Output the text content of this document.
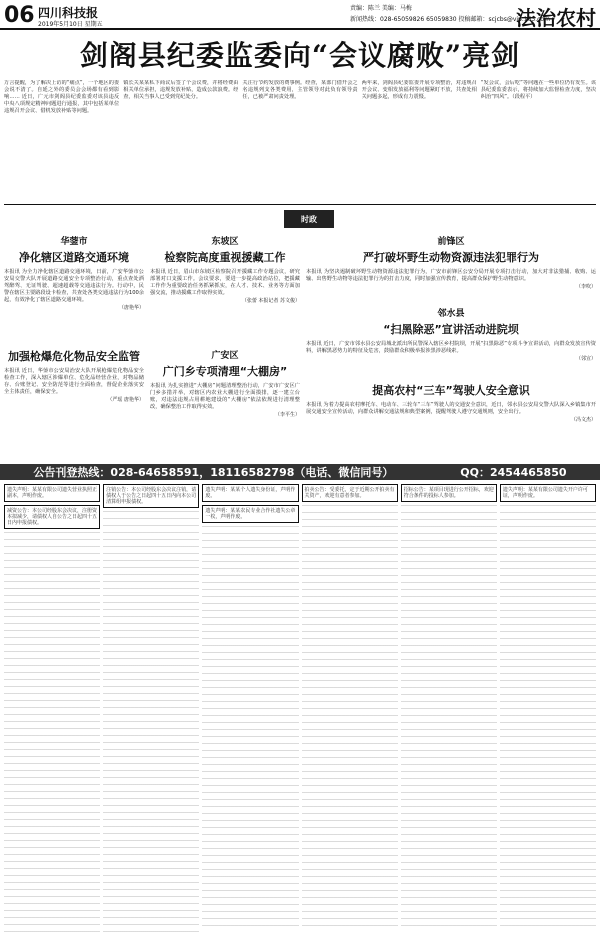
06 四川科技报
2019年5月10日 星期五
责编：陈兰 美编：马梅
新闻热线：028-65059826 65059830 投稿邮箱：scjcbs@vip.163.com
法治农村
剑阁县纪委监委向“会议腐败”亮剑
万言提醒，为了解决上访的“痛点”，一个地区的委会说不清了。自延之外的委员会会场都有看到影响…… 近日，广元市剑阁县纪委监委对该县违反中央八项规定精神问题进行通报，其中包括某单位违规召开会议、借机发放补贴等问题。
镇长关某某私下商议后签了个会议费，并将经费由相关单位承担，违规发放补贴，造成公款浪费。经查，相关当事人已受到党纪处分。
关注行节约发放的费事例。经查，某部门借开会之名违规列支各类费用，主管领导对此负有领导责任，已被严肃问责处理。
两年来，剑阁县纪委监委开展专项整治，对违规召开会议、变相发放福利等问题紧盯不放，共查处相关问题多起，形成有力震慑。
“发会议，会后吃”等问题在一些单位仍有发生。该县纪委监委表示，将持续加大监督检查力度，坚决纠治“四风”。（段程平）
时政
华蓥市
净化辖区道路交通环境
本报讯 为全力净化辖区道路交通环境，日前，广安华蓥市公安局交警大队开展道路交通安全专项整治行动，重点查处酒驾醉驾、无证驾驶、超速超载等交通违法行为。行动中，民警在辖区主要路段设卡检查，共查处各类交通违法行为100余起，有效净化了辖区道路交通环境。
（唐艳华）
加强枪爆危化物品安全监管
本报讯 近日，华蓥市公安局治安大队开展枪爆危化物品安全检查工作，深入辖区涉爆单位、危化品经营企业，对物品储存、台账登记、安全防范等进行全面检查，督促企业落实安全主体责任，确保安全。
（严瑶 唐艳华）
东坡区
检察院高度重视援藏工作
本报讯 近日，眉山市东坡区检察院召开援藏工作专题会议，研究部署对口支援工作。会议要求，要进一步提高政治站位，把援藏工作作为重要政治任务抓紧抓实，在人才、技术、业务等方面加强交流，推动援藏工作取得实效。
（张蕾 本报记者 苏文俊）
广安区
广门乡专项清理“大棚房”
本报讯 为扎实推进“大棚房”问题清理整治行动，广安市广安区广门乡多措并举，对辖区内农业大棚进行全面摸排，逐一建立台账，对违法违规占用耕地建设的“大棚房”依法依规进行清理整改，确保整治工作取得实效。
（李平生）
前锋区
严打破坏野生动物资源违法犯罪行为
本报讯 为坚决遏制破坏野生动物资源违法犯罪行为，广安市前锋区公安分局开展专项打击行动，加大对非法猎捕、收购、运输、出售野生动物等违法犯罪行为的打击力度，同时加强宣传教育，提高群众保护野生动物意识。
（李吹）
邻水县
“扫黑除恶”宣讲活动进院坝
本报讯 近日，广安市邻水县公安局城北派出所民警深入辖区乡村院坝，开展“扫黑除恶”专项斗争宣讲活动，向群众发放宣传资料，讲解黑恶势力的特征及危害，鼓励群众积极举报涉黑涉恶线索。
（邻宣）
提高农村“三车”驾驶人安全意识
本报讯 为着力提高农村摩托车、电动车、三轮车“三车”驾驶人的交通安全意识，近日，邻水县公安局交警大队深入乡镇集市开展交通安全宣传活动，向群众讲解交通法规和典型案例，提醒驾驶人遵守交通规则，安全出行。
（冯文杰）
公告刊登热线：028-64658591，18116582798（电话、微信同号）	QQ：2454465850
遗失声明：某某有限公司遗失营业执照正副本，声明作废。
减资公告：本公司经股东会决议，注册资本拟减少，请债权人自公告之日起四十五日内申报债权。
注销公告：本公司经股东会决议注销，请债权人于公告之日起四十五日内向本公司清算组申报债权。
遗失声明：某某个人遗失身份证，声明作废。
遗失声明：某某农民专业合作社遗失公章一枚，声明作废。
拍卖公告：受委托，定于近期公开拍卖有关资产，欢迎有意者参加。
招标公告：某项目现进行公开招标，欢迎符合条件的投标人参加。
遗失声明：某某有限公司遗失开户许可证，声明作废。
